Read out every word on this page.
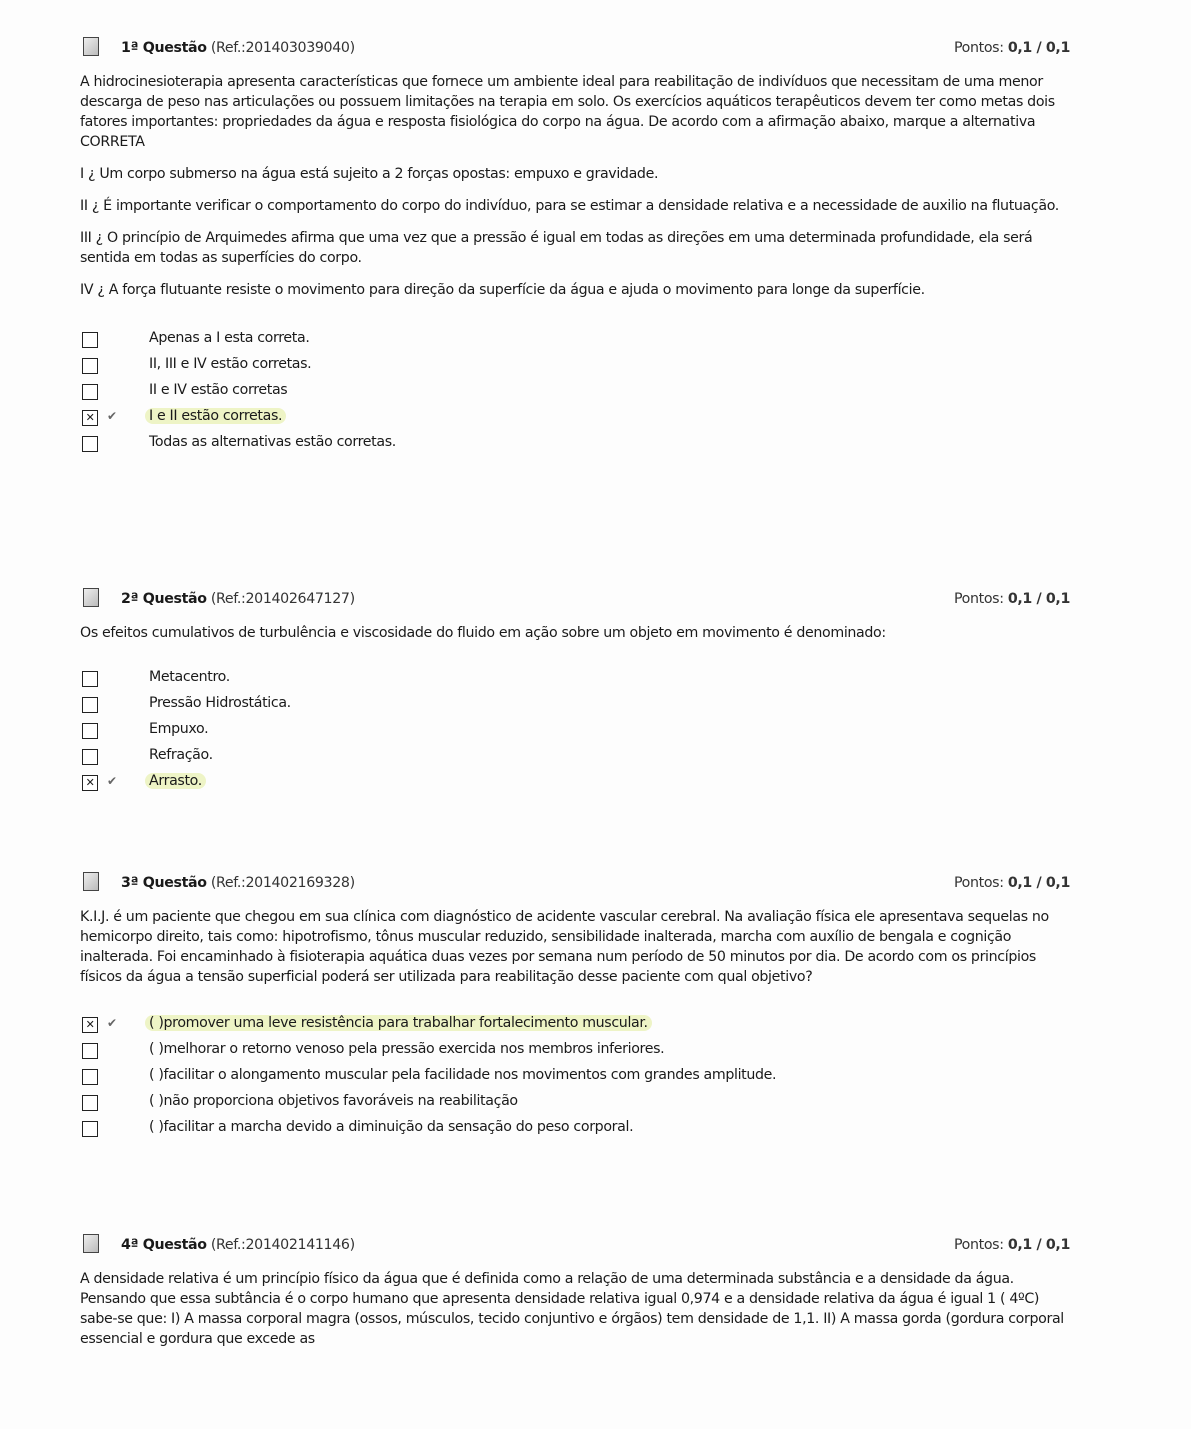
1ª Questão (Ref.:201403039040)	Pontos: 0,1 / 0,1

A hidrocinesioterapia apresenta características que fornece um ambiente ideal para reabilitação de indivíduos que necessitam de uma menor descarga de peso nas articulações ou possuem limitações na terapia em solo. Os exercícios aquáticos terapêuticos devem ter como metas dois fatores importantes: propriedades da água e resposta fisiológica do corpo na água. De acordo com a afirmação abaixo, marque a alternativa CORRETA

I ¿ Um corpo submerso na água está sujeito a 2 forças opostas: empuxo e gravidade.

II ¿ É importante verificar o comportamento do corpo do indivíduo, para se estimar a densidade relativa e a necessidade de auxilio na flutuação.

III ¿ O princípio de Arquimedes afirma que uma vez que a pressão é igual em todas as direções em uma determinada profundidade, ela será sentida em todas as superfícies do corpo.

IV ¿ A força flutuante resiste o movimento para direção da superfície da água e ajuda o movimento para longe da superfície.

Apenas a I esta correta.
II, III e IV estão corretas.
II e IV estão corretas
✕ ✔ I e II estão corretas.
Todas as alternativas estão corretas.
2ª Questão (Ref.:201402647127)	Pontos: 0,1 / 0,1

Os efeitos cumulativos de turbulência e viscosidade do fluido em ação sobre um objeto em movimento é denominado:

Metacentro.
Pressão Hidrostática.
Empuxo.
Refração.
✕ ✔ Arrasto.
3ª Questão (Ref.:201402169328)	Pontos: 0,1 / 0,1

K.I.J. é um paciente que chegou em sua clínica com diagnóstico de acidente vascular cerebral. Na avaliação física ele apresentava sequelas no hemicorpo direito, tais como: hipotrofismo, tônus muscular reduzido, sensibilidade inalterada, marcha com auxílio de bengala e cognição inalterada. Foi encaminhado à fisioterapia aquática duas vezes por semana num período de 50 minutos por dia. De acordo com os princípios físicos da água a tensão superficial poderá ser utilizada para reabilitação desse paciente com qual objetivo?

✕ ✔ ( )promover uma leve resistência para trabalhar fortalecimento muscular.
( )melhorar o retorno venoso pela pressão exercida nos membros inferiores.
( )facilitar o alongamento muscular pela facilidade nos movimentos com grandes amplitude.
( )não proporciona objetivos favoráveis na reabilitação
( )facilitar a marcha devido a diminuição da sensação do peso corporal.
4ª Questão (Ref.:201402141146)	Pontos: 0,1 / 0,1

A densidade relativa é um princípio físico da água que é definida como a relação de uma determinada substância e a densidade da água. Pensando que essa subtância é o corpo humano que apresenta densidade relativa igual 0,974 e a densidade relativa da água é igual 1 ( 4ºC) sabe-se que: I) A massa corporal magra (ossos, músculos, tecido conjuntivo e órgãos) tem densidade de 1,1. II) A massa gorda (gordura corporal essencial e gordura que excede as
